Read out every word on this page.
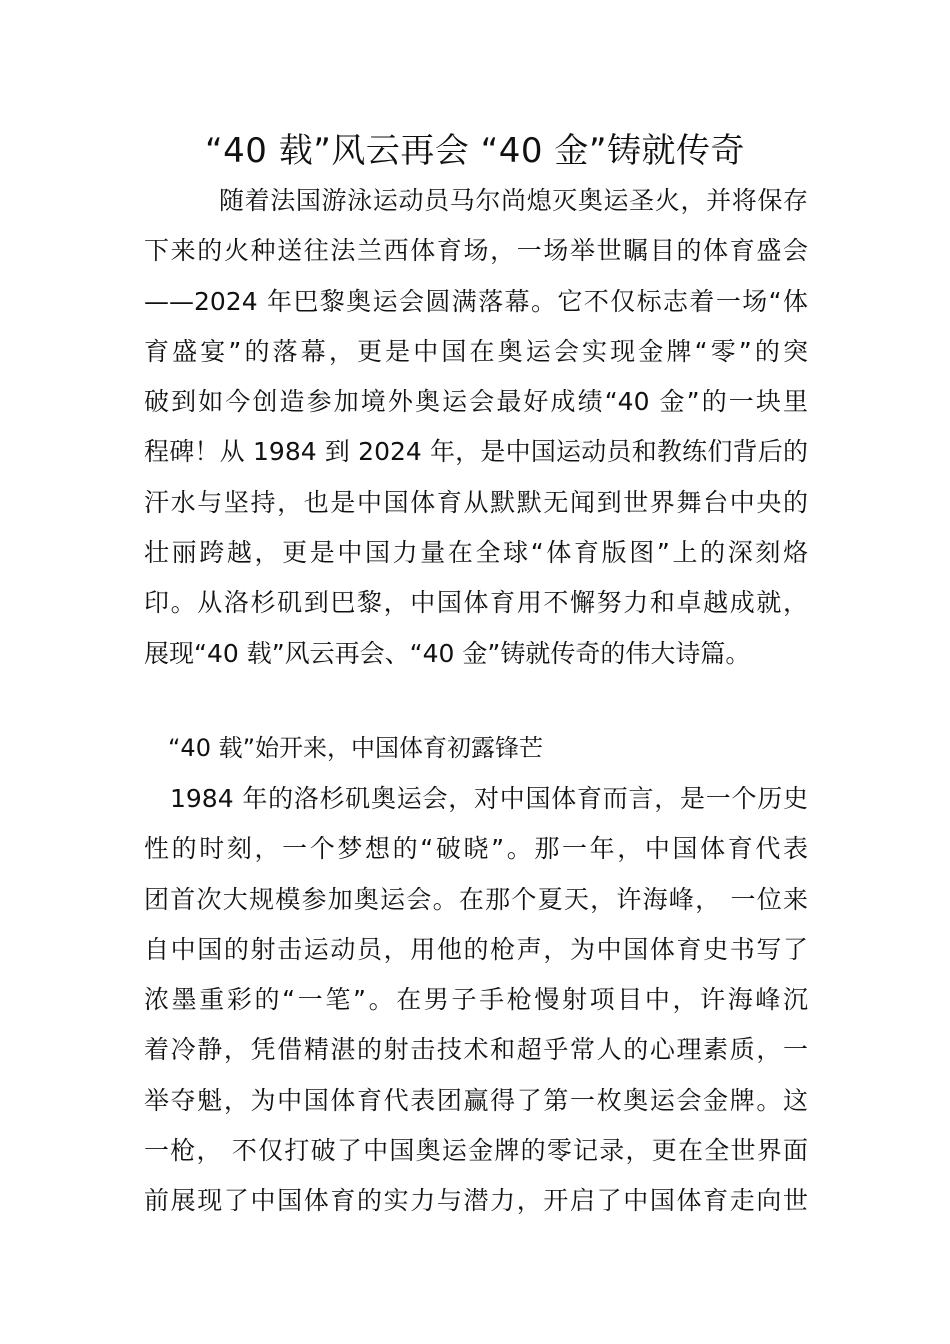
“40 载”风云再会 “40 金”铸就传奇
随着法国游泳运动员马尔尚熄灭奥运圣火，并将保存
下来的火种送往法兰西体育场，一场举世瞩目的体育盛会
——2024 年巴黎奥运会圆满落幕。它不仅标志着一场“体
育盛宴”的落幕，更是中国在奥运会实现金牌“零”的突
破到如今创造参加境外奥运会最好成绩“40 金”的一块里
程碑！从 1984 到 2024 年，是中国运动员和教练们背后的
汗水与坚持，也是中国体育从默默无闻到世界舞台中央的
壮丽跨越，更是中国力量在全球“体育版图”上的深刻烙
印。从洛杉矶到巴黎，中国体育用不懈努力和卓越成就，
展现“40 载”风云再会、“40 金”铸就传奇的伟大诗篇。
“40 载”始开来，中国体育初露锋芒
1984 年的洛杉矶奥运会，对中国体育而言，是一个历史
性的时刻，一个梦想的“破晓”。那一年，中国体育代表
团首次大规模参加奥运会。在那个夏天，许海峰， 一位来
自中国的射击运动员，用他的枪声，为中国体育史书写了
浓墨重彩的“一笔”。在男子手枪慢射项目中，许海峰沉
着冷静，凭借精湛的射击技术和超乎常人的心理素质，一
举夺魁，为中国体育代表团赢得了第一枚奥运会金牌。这
一枪， 不仅打破了中国奥运金牌的零记录，更在全世界面
前展现了中国体育的实力与潜力，开启了中国体育走向世
